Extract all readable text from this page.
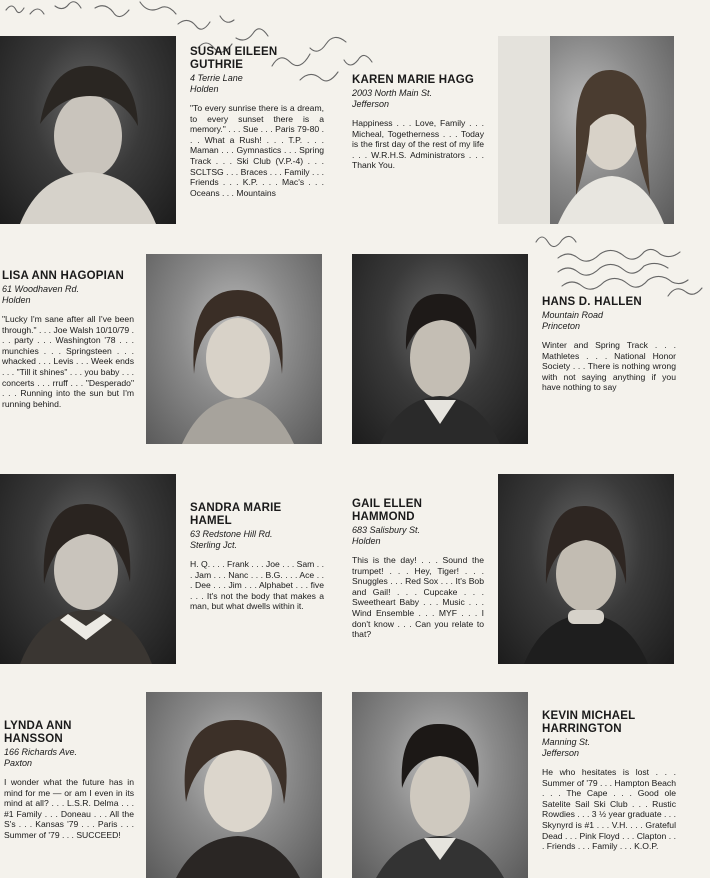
SUSAN EILEEN
GUTHRIE
4 Terrie Lane
Holden
"To every sunrise there is a dream, to every sunset there is a memory." . . . Sue . . . Paris 79-80 . . . What a Rush! . . . T.P. . . . Maman . . . Gymnastics . . . Spring Track . . . Ski Club (V.P.-4) . . . SCLTSG . . . Braces . . . Family . . . Friends . . . K.P. . . . Mac's . . . Oceans . . . Mountains
KAREN MARIE HAGG
2003 North Main St.
Jefferson
Happiness . . . Love, Family . . . Micheal, Togetherness . . . Today is the first day of the rest of my life . . . W.R.H.S. Administrators . . . Thank You.
LISA ANN HAGOPIAN
61 Woodhaven Rd.
Holden
"Lucky I'm sane after all I've been through." . . . Joe Walsh 10/10/79 . . . party . . . Washington '78 . . . munchies . . . Springsteen . . . whacked . . . Levis . . . Week ends . . . "Till it shines" . . . you baby . . . concerts . . . rruff . . . "Desperado" . . . Running into the sun but I'm running behind.
HANS D. HALLEN
Mountain Road
Princeton
Winter and Spring Track . . . Mathletes . . . National Honor Society . . . There is nothing wrong with not saying anything if you have nothing to say
SANDRA MARIE
HAMEL
63 Redstone Hill Rd.
Sterling Jct.
H. Q. . . . Frank . . . Joe . . . Sam . . . Jam . . . Nanc . . . B.G. . . . Ace . . . Dee . . . Jim . . . Alphabet . . . five . . . It's not the body that makes a man, but what dwells within it.
GAIL ELLEN
HAMMOND
683 Salisbury St.
Holden
This is the day! . . . Sound the trumpet! . . . Hey, Tiger! . . . Snuggles . . . Red Sox . . . It's Bob and Gail! . . . Cupcake . . . Sweetheart Baby . . . Music . . . Wind Ensemble . . . MYF . . . I don't know . . . Can you relate to that?
LYNDA ANN
HANSSON
166 Richards Ave.
Paxton
I wonder what the future has in mind for me — or am I even in its mind at all? . . . L.S.R. Delma . . . #1 Family . . . Doneau . . . All the S's . . . Kansas '79 . . . Paris . . . Summer of '79 . . . SUCCEED!
KEVIN MICHAEL
HARRINGTON
Manning St.
Jefferson
He who hesitates is lost . . . Summer of '79 . . . Hampton Beach . . . The Cape . . . Good ole Satelite Sail Ski Club . . . Rustic Rowdies . . . 3 ½ year graduate . . . Skynyrd is #1 . . . V.H. . . . Grateful Dead . . . Pink Floyd . . . Clapton . . . Friends . . . Family . . . K.O.P.
